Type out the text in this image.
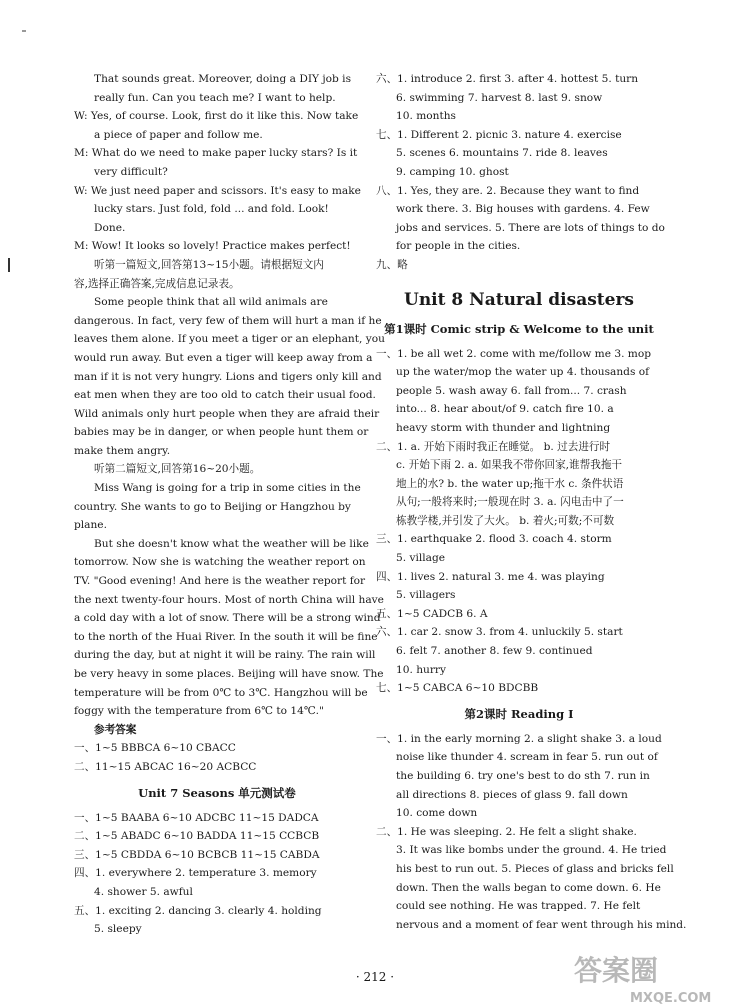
That sounds great. Moreover, doing a DIY job is
really fun. Can you teach me? I want to help.
W: Yes, of course. Look, first do it like this. Now take
a piece of paper and follow me.
M: What do we need to make paper lucky stars? Is it
very difficult?
W: We just need paper and scissors. It's easy to make
lucky stars. Just fold, fold ... and fold. Look!
Done.
M: Wow! It looks so lovely! Practice makes perfect!
听第一篇短文,回答第13~15小题。请根据短文内
容,选择正确答案,完成信息记录表。
Some people think that all wild animals are
dangerous. In fact, very few of them will hurt a man if he
leaves them alone. If you meet a tiger or an elephant, you
would run away. But even a tiger will keep away from a
man if it is not very hungry. Lions and tigers only kill and
eat men when they are too old to catch their usual food.
Wild animals only hurt people when they are afraid their
babies may be in danger, or when people hunt them or
make them angry.
听第二篇短文,回答第16~20小题。
Miss Wang is going for a trip in some cities in the
country. She wants to go to Beijing or Hangzhou by
plane.
But she doesn't know what the weather will be like
tomorrow. Now she is watching the weather report on
TV. "Good evening! And here is the weather report for
the next twenty-four hours. Most of north China will have
a cold day with a lot of snow. There will be a strong wind
to the north of the Huai River. In the south it will be fine
during the day, but at night it will be rainy. The rain will
be very heavy in some places. Beijing will have snow. The
temperature will be from 0℃ to 3℃. Hangzhou will be
foggy with the temperature from 6℃ to 14℃."
参考答案
一、1~5 BBBCA 6~10 CBACC
二、11~15 ABCAC 16~20 ACBCC
Unit 7 Seasons 单元测试卷
一、1~5 BAABA 6~10 ADCBC 11~15 DADCA
二、1~5 ABADC 6~10 BADDA 11~15 CCBCB
三、1~5 CBDDA 6~10 BCBCB 11~15 CABDA
四、1. everywhere 2. temperature 3. memory
4. shower 5. awful
五、1. exciting 2. dancing 3. clearly 4. holding
5. sleepy
六、1. introduce 2. first 3. after 4. hottest 5. turn
6. swimming 7. harvest 8. last 9. snow
10. months
七、1. Different 2. picnic 3. nature 4. exercise
5. scenes 6. mountains 7. ride 8. leaves
9. camping 10. ghost
八、1. Yes, they are. 2. Because they want to find
work there. 3. Big houses with gardens. 4. Few
jobs and services. 5. There are lots of things to do
for people in the cities.
九、略
Unit 8 Natural disasters
第1课时 Comic strip & Welcome to the unit
一、1. be all wet 2. come with me/follow me 3. mop
up the water/mop the water up 4. thousands of
people 5. wash away 6. fall from... 7. crash
into... 8. hear about/of 9. catch fire 10. a
heavy storm with thunder and lightning
二、1. a. 开始下雨时我正在睡觉。 b. 过去进行时
c. 开始下雨 2. a. 如果我不带你回家,谁帮我拖干
地上的水? b. the water up;拖干水 c. 条件状语
从句;一般将来时;一般现在时 3. a. 闪电击中了一
栋教学楼,并引发了大火。 b. 着火;可数;不可数
三、1. earthquake 2. flood 3. coach 4. storm
5. village
四、1. lives 2. natural 3. me 4. was playing
5. villagers
五、1~5 CADCB 6. A
六、1. car 2. snow 3. from 4. unluckily 5. start
6. felt 7. another 8. few 9. continued
10. hurry
七、1~5 CABCA 6~10 BDCBB
第2课时 Reading Ⅰ
一、1. in the early morning 2. a slight shake 3. a loud
noise like thunder 4. scream in fear 5. run out of
the building 6. try one's best to do sth 7. run in
all directions 8. pieces of glass 9. fall down
10. come down
二、1. He was sleeping. 2. He felt a slight shake.
3. It was like bombs under the ground. 4. He tried
his best to run out. 5. Pieces of glass and bricks fell
down. Then the walls began to come down. 6. He
could see nothing. He was trapped. 7. He felt
nervous and a moment of fear went through his mind.
· 212 ·	答案圈
MXQE.COM
